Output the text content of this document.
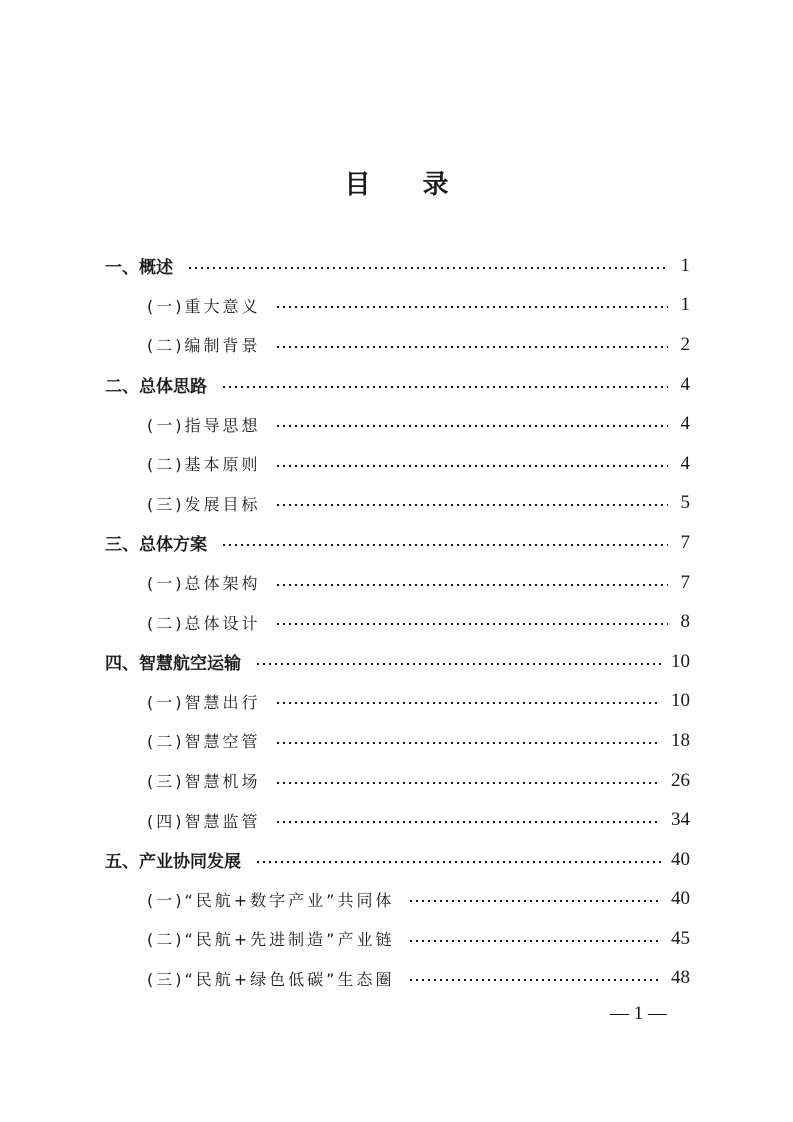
目 录
一、概述	1
(一)重大意义	1
(二)编制背景	2
二、总体思路	4
(一)指导思想	4
(二)基本原则	4
(三)发展目标	5
三、总体方案	7
(一)总体架构	7
(二)总体设计	8
四、智慧航空运输	10
(一)智慧出行	10
(二)智慧空管	18
(三)智慧机场	26
(四)智慧监管	34
五、产业协同发展	40
(一)“民航+数字产业”共同体	40
(二)“民航+先进制造”产业链	45
(三)“民航+绿色低碳”生态圈	48
— 1 —
